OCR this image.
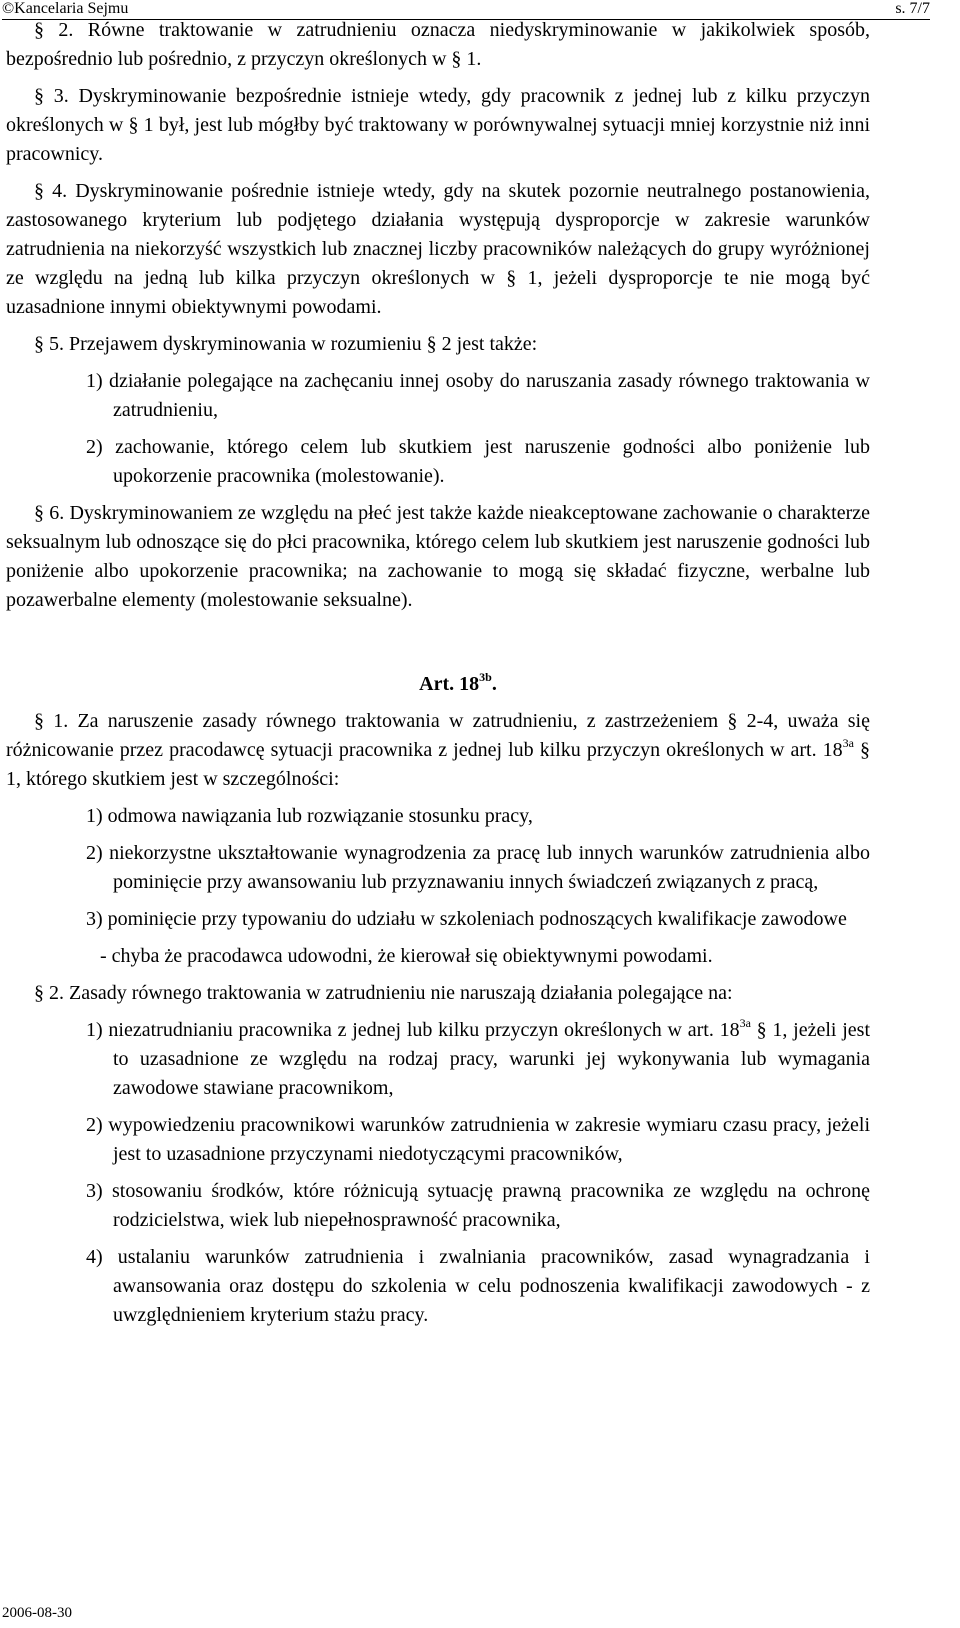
©Kancelaria Sejmu	s. 7/7

§ 2. Równe traktowanie w zatrudnieniu oznacza niedyskryminowanie w jakikolwiek sposób, bezpośrednio lub pośrednio, z przyczyn określonych w § 1.

§ 3. Dyskryminowanie bezpośrednie istnieje wtedy, gdy pracownik z jednej lub z kilku przyczyn określonych w § 1 był, jest lub mógłby być traktowany w porównywalnej sytuacji mniej korzystnie niż inni pracownicy.

§ 4. Dyskryminowanie pośrednie istnieje wtedy, gdy na skutek pozornie neutralnego postanowienia, zastosowanego kryterium lub podjętego działania występują dysproporcje w zakresie warunków zatrudnienia na niekorzyść wszystkich lub znacznej liczby pracowników należących do grupy wyróżnionej ze względu na jedną lub kilka przyczyn określonych w § 1, jeżeli dysproporcje te nie mogą być uzasadnione innymi obiektywnymi powodami.

§ 5. Przejawem dyskryminowania w rozumieniu § 2 jest także:

1) działanie polegające na zachęcaniu innej osoby do naruszania zasady równego traktowania w zatrudnieniu,

2) zachowanie, którego celem lub skutkiem jest naruszenie godności albo poniżenie lub upokorzenie pracownika (molestowanie).

§ 6. Dyskryminowaniem ze względu na płeć jest także każde nieakceptowane zachowanie o charakterze seksualnym lub odnoszące się do płci pracownika, którego celem lub skutkiem jest naruszenie godności lub poniżenie albo upokorzenie pracownika; na zachowanie to mogą się składać fizyczne, werbalne lub pozawerbalne elementy (molestowanie seksualne).

Art. $18^{3b}$.

§ 1. Za naruszenie zasady równego traktowania w zatrudnieniu, z zastrzeżeniem § 2-4, uważa się różnicowanie przez pracodawcę sytuacji pracownika z jednej lub kilku przyczyn określonych w art. $18^{3a}$ § 1, którego skutkiem jest w szczególności:

1) odmowa nawiązania lub rozwiązanie stosunku pracy,

2) niekorzystne ukształtowanie wynagrodzenia za pracę lub innych warunków zatrudnienia albo pominięcie przy awansowaniu lub przyznawaniu innych świadczeń związanych z pracą,

3) pominięcie przy typowaniu do udziału w szkoleniach podnoszących kwalifikacje zawodowe

- chyba że pracodawca udowodni, że kierował się obiektywnymi powodami.

§ 2. Zasady równego traktowania w zatrudnieniu nie naruszają działania polegające na:

1) niezatrudnianiu pracownika z jednej lub kilku przyczyn określonych w art. $18^{3a}$ § 1, jeżeli jest to uzasadnione ze względu na rodzaj pracy, warunki jej wykonywania lub wymagania zawodowe stawiane pracownikom,

2) wypowiedzeniu pracownikowi warunków zatrudnienia w zakresie wymiaru czasu pracy, jeżeli jest to uzasadnione przyczynami niedotyczącymi pracowników,

3) stosowaniu środków, które różnicują sytuację prawną pracownika ze względu na ochronę rodzicielstwa, wiek lub niepełnosprawność pracownika,

4) ustalaniu warunków zatrudnienia i zwalniania pracowników, zasad wynagradzania i awansowania oraz dostępu do szkolenia w celu podnoszenia kwalifikacji zawodowych - z uwzględnieniem kryterium stażu pracy.

2006-08-30
